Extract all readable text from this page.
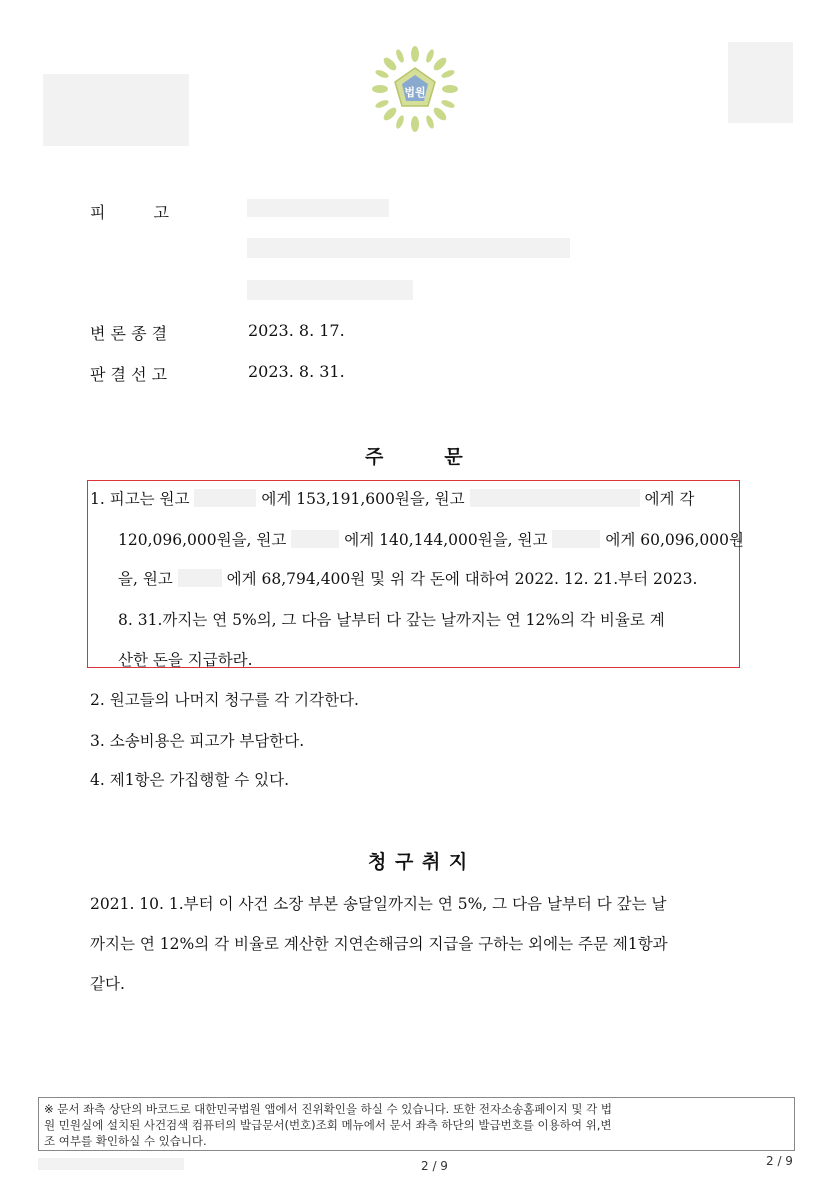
법원
피　　　고
변 론 종 결	2023. 8. 17.
판 결 선 고	2023. 8. 31.
주　　　문
1. 피고는 원고	에게 153,191,600원을, 원고	에게 각
120,096,000원을, 원고	에게 140,144,000원을, 원고	에게 60,096,000원
을, 원고	에게 68,794,400원 및 위 각 돈에 대하여 2022. 12. 21.부터 2023.
8. 31.까지는 연 5%의, 그 다음 날부터 다 갚는 날까지는 연 12%의 각 비율로 계
산한 돈을 지급하라.
2. 원고들의 나머지 청구를 각 기각한다.
3. 소송비용은 피고가 부담한다.
4. 제1항은 가집행할 수 있다.
청 구 취 지
2021. 10. 1.부터 이 사건 소장 부본 송달일까지는 연 5%, 그 다음 날부터 다 갚는 날
까지는 연 12%의 각 비율로 계산한 지연손해금의 지급을 구하는 외에는 주문 제1항과
같다.
※ 문서 좌측 상단의 바코드로 대한민국법원 앱에서 진위확인을 하실 수 있습니다. 또한 전자소송홈페이지 및 각 법
원 민원실에 설치된 사건검색 컴퓨터의 발급문서(번호)조회 메뉴에서 문서 좌측 하단의 발급번호를 이용하여 위,변
조 여부를 확인하실 수 있습니다.
2 / 9	2 / 9
